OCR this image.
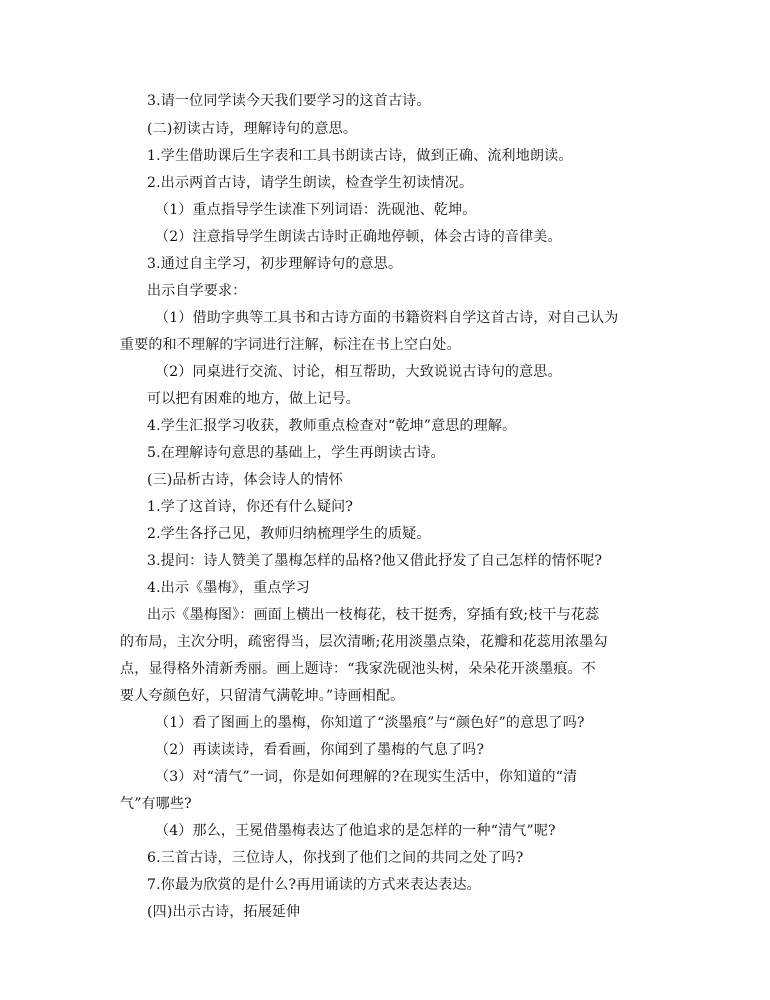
3.请一位同学读今天我们要学习的这首古诗。
(二)初读古诗，理解诗句的意思。
1.学生借助课后生字表和工具书朗读古诗，做到正确、流利地朗读。
2.出示两首古诗，请学生朗读，检查学生初读情况。
（1）重点指导学生读准下列词语：洗砚池、乾坤。
（2）注意指导学生朗读古诗时正确地停顿，体会古诗的音律美。
3.通过自主学习，初步理解诗句的意思。
出示自学要求：
（1）借助字典等工具书和古诗方面的书籍资料自学这首古诗，对自己认为
重要的和不理解的字词进行注解，标注在书上空白处。
（2）同桌进行交流、讨论，相互帮助，大致说说古诗句的意思。
可以把有困难的地方，做上记号。
4.学生汇报学习收获，教师重点检查对“乾坤”意思的理解。
5.在理解诗句意思的基础上，学生再朗读古诗。
(三)品析古诗，体会诗人的情怀
1.学了这首诗，你还有什么疑问?
2.学生各抒己见，教师归纳梳理学生的质疑。
3.提问：诗人赞美了墨梅怎样的品格?他又借此抒发了自己怎样的情怀呢?
4.出示《墨梅》，重点学习
出示《墨梅图》：画面上横出一枝梅花，枝干挺秀，穿插有致;枝干与花蕊
的布局，主次分明，疏密得当，层次清晰;花用淡墨点染，花瓣和花蕊用浓墨勾
点，显得格外清新秀丽。画上题诗：“我家洗砚池头树，朵朵花开淡墨痕。不
要人夸颜色好，只留清气满乾坤。”诗画相配。
（1）看了图画上的墨梅，你知道了“淡墨痕”与“颜色好”的意思了吗?
（2）再读读诗，看看画，你闻到了墨梅的气息了吗?
（3）对“清气”一词，你是如何理解的?在现实生活中，你知道的“清
气”有哪些?
（4）那么，王冕借墨梅表达了他追求的是怎样的一种“清气”呢?
6.三首古诗，三位诗人，你找到了他们之间的共同之处了吗?
7.你最为欣赏的是什么?再用诵读的方式来表达表达。
(四)出示古诗，拓展延伸
